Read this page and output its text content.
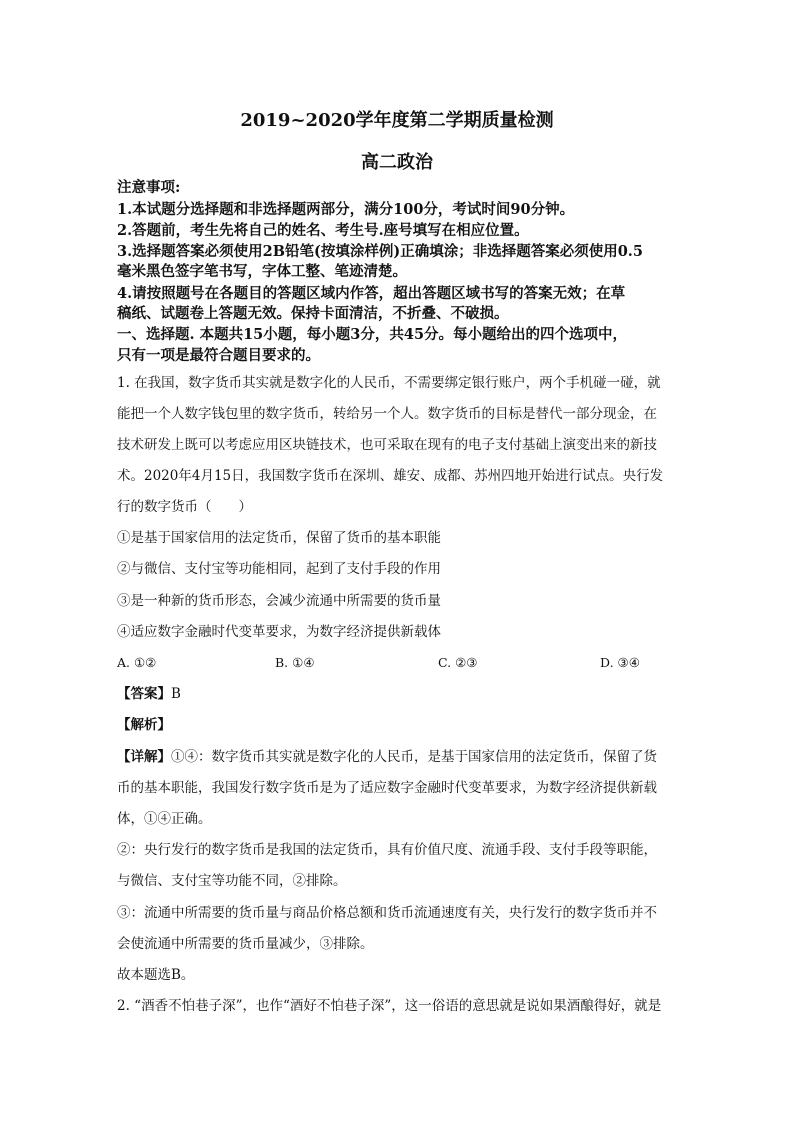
2019~2020学年度第二学期质量检测
高二政治
注意事项:
1.本试题分选择题和非选择题两部分，满分100分，考试时间90分钟。
2.答题前，考生先将自己的姓名、考生号.座号填写在相应位置。
3.选择题答案必须使用2B铅笔(按填涂样例)正确填涂；非选择题答案必须使用0.5
毫米黑色签字笔书写，字体工整、笔迹清楚。
4.请按照题号在各题目的答题区域内作答，超出答题区域书写的答案无效；在草
稿纸、试题卷上答题无效。保持卡面清洁，不折叠、不破损。
一、选择题. 本题共15小题，每小题3分，共45分。每小题给出的四个选项中，
只有一项是最符合题目要求的。
1. 在我国，数字货币其实就是数字化的人民币，不需要绑定银行账户，两个手机碰一碰，就
能把一个人数字钱包里的数字货币，转给另一个人。数字货币的目标是替代一部分现金，在
技术研发上既可以考虑应用区块链技术，也可采取在现有的电子支付基础上演变出来的新技
术。2020年4月15日，我国数字货币在深圳、雄安、成都、苏州四地开始进行试点。央行发
行的数字货币（　　）
①是基于国家信用的法定货币，保留了货币的基本职能
②与微信、支付宝等功能相同，起到了支付手段的作用
③是一种新的货币形态，会减少流通中所需要的货币量
④适应数字金融时代变革要求，为数字经济提供新载体
A. ①②	B. ①④	C. ②③	D. ③④
【答案】B
【解析】
【详解】①④：数字货币其实就是数字化的人民币，是基于国家信用的法定货币，保留了货
币的基本职能，我国发行数字货币是为了适应数字金融时代变革要求，为数字经济提供新载
体，①④正确。
②：央行发行的数字货币是我国的法定货币，具有价值尺度、流通手段、支付手段等职能，
与微信、支付宝等功能不同，②排除。
③：流通中所需要的货币量与商品价格总额和货币流通速度有关，央行发行的数字货币并不
会使流通中所需要的货币量减少，③排除。
故本题选B。
2. “酒香不怕巷子深”，也作“酒好不怕巷子深”，这一俗语的意思就是说如果酒酿得好，就是
